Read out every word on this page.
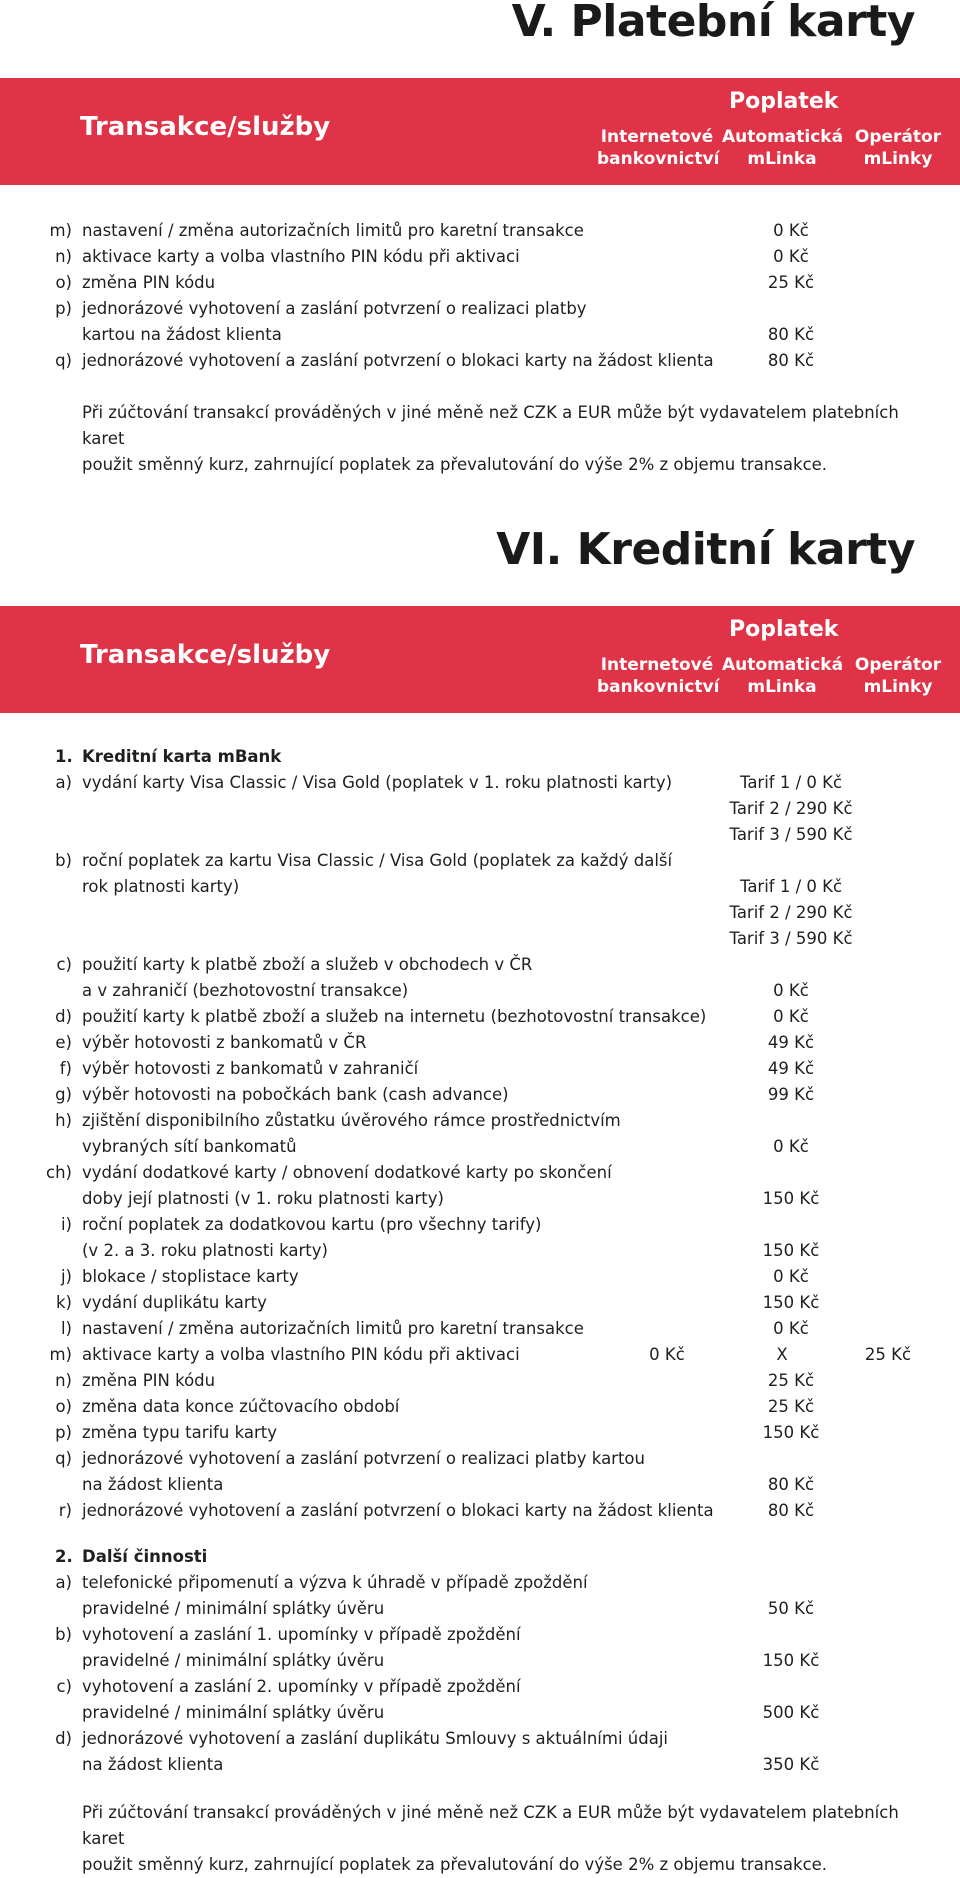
V. Platební karty
Transakce/služby
Poplatek
Internetové
bankovnictví
Automatická
mLinka
Operátor
mLinky
m) nastavení / změna autorizačních limitů pro karetní transakce	0 Kč
n) aktivace karty a volba vlastního PIN kódu při aktivaci	0 Kč
o) změna PIN kódu	25 Kč
p) jednorázové vyhotovení a zaslání potvrzení o realizaci platby
kartou na žádost klienta	80 Kč
q) jednorázové vyhotovení a zaslání potvrzení o blokaci karty na žádost klienta	80 Kč

Při zúčtování transakcí prováděných v jiné měně než CZK a EUR může být vydavatelem platebních karet
použit směnný kurz, zahrnující poplatek za převalutování do výše 2% z objemu transakce.

VI. Kreditní karty
Transakce/služby
Poplatek
Internetové
bankovnictví
Automatická
mLinka
Operátor
mLinky
1. Kreditní karta mBank
a) vydání karty Visa Classic / Visa Gold (poplatek v 1. roku platnosti karty)	Tarif 1 / 0 Kč
Tarif 2 / 290 Kč
Tarif 3 / 590 Kč
b) roční poplatek za kartu Visa Classic / Visa Gold (poplatek za každý další
rok platnosti karty)	Tarif 1 / 0 Kč
Tarif 2 / 290 Kč
Tarif 3 / 590 Kč
c) použití karty k platbě zboží a služeb v obchodech v ČR
a v zahraničí (bezhotovostní transakce)	0 Kč
d) použití karty k platbě zboží a služeb na internetu (bezhotovostní transakce)	0 Kč
e) výběr hotovosti z bankomatů v ČR	49 Kč
f) výběr hotovosti z bankomatů v zahraničí	49 Kč
g) výběr hotovosti na pobočkách bank (cash advance)	99 Kč
h) zjištění disponibilního zůstatku úvěrového rámce prostřednictvím
vybraných sítí bankomatů	0 Kč
ch) vydání dodatkové karty / obnovení dodatkové karty po skončení
doby její platnosti (v 1. roku platnosti karty)	150 Kč
i) roční poplatek za dodatkovou kartu (pro všechny tarify)
(v 2. a 3. roku platnosti karty)	150 Kč
j) blokace / stoplistace karty	0 Kč
k) vydání duplikátu karty	150 Kč
l) nastavení / změna autorizačních limitů pro karetní transakce	0 Kč
m) aktivace karty a volba vlastního PIN kódu při aktivaci	0 Kč	X	25 Kč
n) změna PIN kódu	25 Kč
o) změna data konce zúčtovacího období	25 Kč
p) změna typu tarifu karty	150 Kč
q) jednorázové vyhotovení a zaslání potvrzení o realizaci platby kartou
na žádost klienta	80 Kč
r) jednorázové vyhotovení a zaslání potvrzení o blokaci karty na žádost klienta	80 Kč
2. Další činnosti
a) telefonické připomenutí a výzva k úhradě v případě zpoždění
pravidelné / minimální splátky úvěru	50 Kč
b) vyhotovení a zaslání 1. upomínky v případě zpoždění
pravidelné / minimální splátky úvěru	150 Kč
c) vyhotovení a zaslání 2. upomínky v případě zpoždění
pravidelné / minimální splátky úvěru	500 Kč
d) jednorázové vyhotovení a zaslání duplikátu Smlouvy s aktuálními údaji
na žádost klienta	350 Kč

Při zúčtování transakcí prováděných v jiné měně než CZK a EUR může být vydavatelem platebních karet
použit směnný kurz, zahrnující poplatek za převalutování do výše 2% z objemu transakce.
